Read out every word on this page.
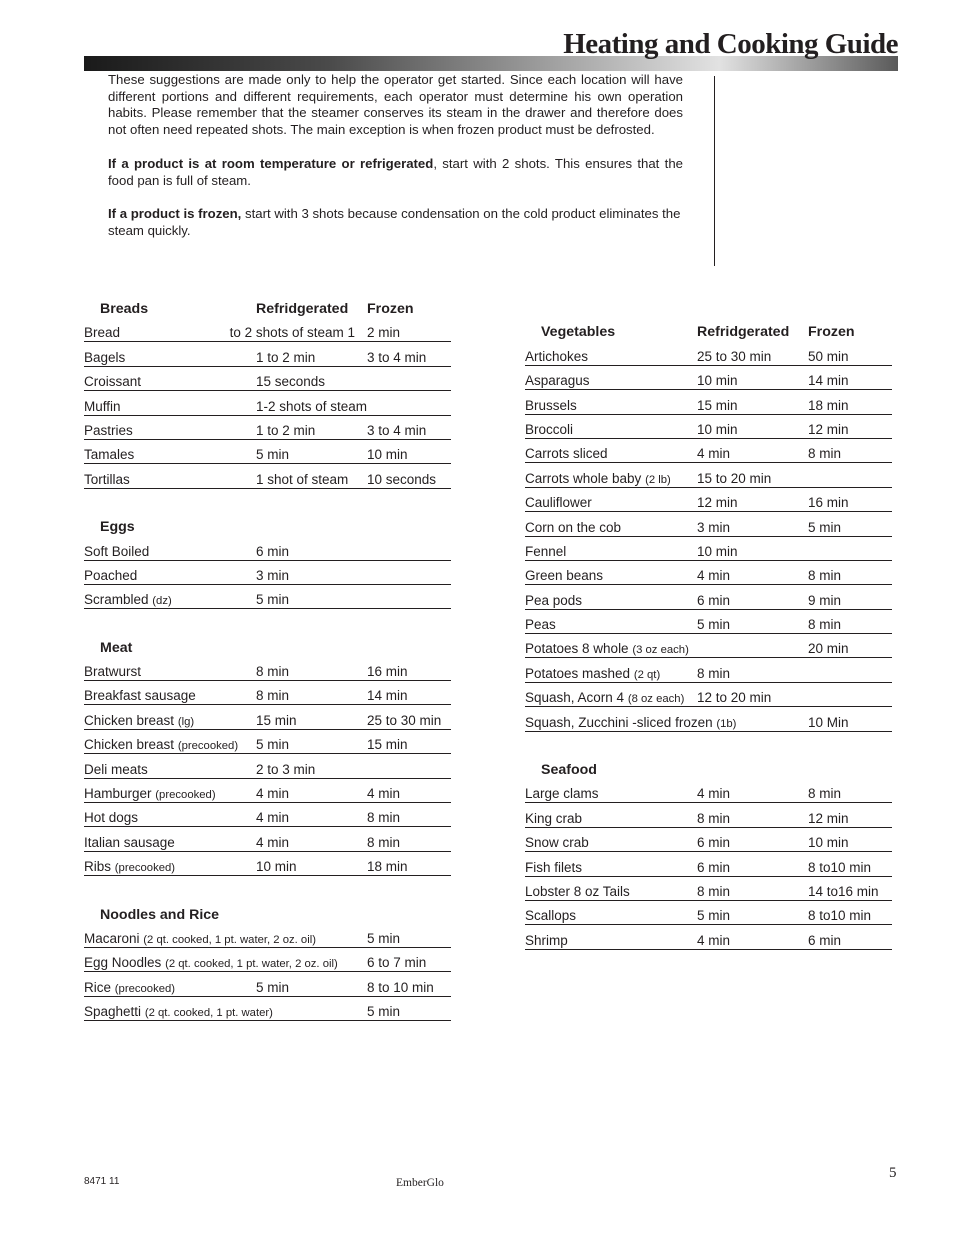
Heating and Cooking Guide

These suggestions are made only to help the operator get started. Since each location will have different portions and different requirements, each operator must determine his own operation habits. Please remember that the steamer conserves its steam in the drawer and therefore does not often need repeated shots. The main exception is when frozen product must be defrosted.

If a product is at room temperature or refrigerated, start with 2 shots. This ensures that the food pan is full of steam.

If a product is frozen, start with 3 shots because condensation on the cold product eliminates the steam quickly.

Breads	Refridgerated	Frozen
Bread	1 to 2 shots of steam	2 min
Bagels	1 to 2 min	3 to 4 min
Croissant	15 seconds	
Muffin	1-2 shots of steam	
Pastries	1 to 2 min	3 to 4 min
Tamales	5 min	10 min
Tortillas	1 shot of steam	10 seconds

Eggs		
Soft Boiled	6 min	
Poached	3 min	
Scrambled (dz)	5 min	

Meat		
Bratwurst	8 min	16 min
Breakfast sausage	8 min	14 min
Chicken breast (lg)	15 min	25 to 30 min
Chicken breast (precooked)	5 min	15 min
Deli meats	2 to 3 min	
Hamburger (precooked)	4 min	4 min
Hot dogs	4 min	8 min
Italian sausage	4 min	8 min
Ribs (precooked)	10 min	18 min

Noodles and Rice		
Macaroni (2 qt. cooked, 1 pt. water, 2 oz. oil)		5 min
Egg Noodles (2 qt. cooked, 1 pt. water, 2 oz. oil)		6 to 7 min
Rice (precooked)	5 min	8 to 10 min
Spaghetti (2 qt. cooked, 1 pt. water)		5 min

Vegetables	Refridgerated	Frozen
Artichokes	25 to 30 min	50 min
Asparagus	10 min	14 min
Brussels	15 min	18 min
Broccoli	10 min	12 min
Carrots sliced	4 min	8 min
Carrots whole baby (2 lb)	15 to 20 min	
Cauliflower	12 min	16 min
Corn on the cob	3 min	5 min
Fennel	10 min	
Green beans	4 min	8 min
Pea pods	6 min	9 min
Peas	5 min	8 min
Potatoes 8 whole (3 oz each)		20 min
Potatoes mashed (2 qt)	8 min	
Squash, Acorn 4 (8 oz each)	12 to 20 min	
Squash, Zucchini -sliced frozen (1b)		10 Min

Seafood		
Large clams	4 min	8 min
King crab	8 min	12 min
Snow crab	6 min	10 min
Fish filets	6 min	8 to10 min
Lobster 8 oz Tails	8 min	14 to16 min
Scallops	5 min	8 to10 min
Shrimp	4 min	6 min
8471 11	EmberGlo
5
